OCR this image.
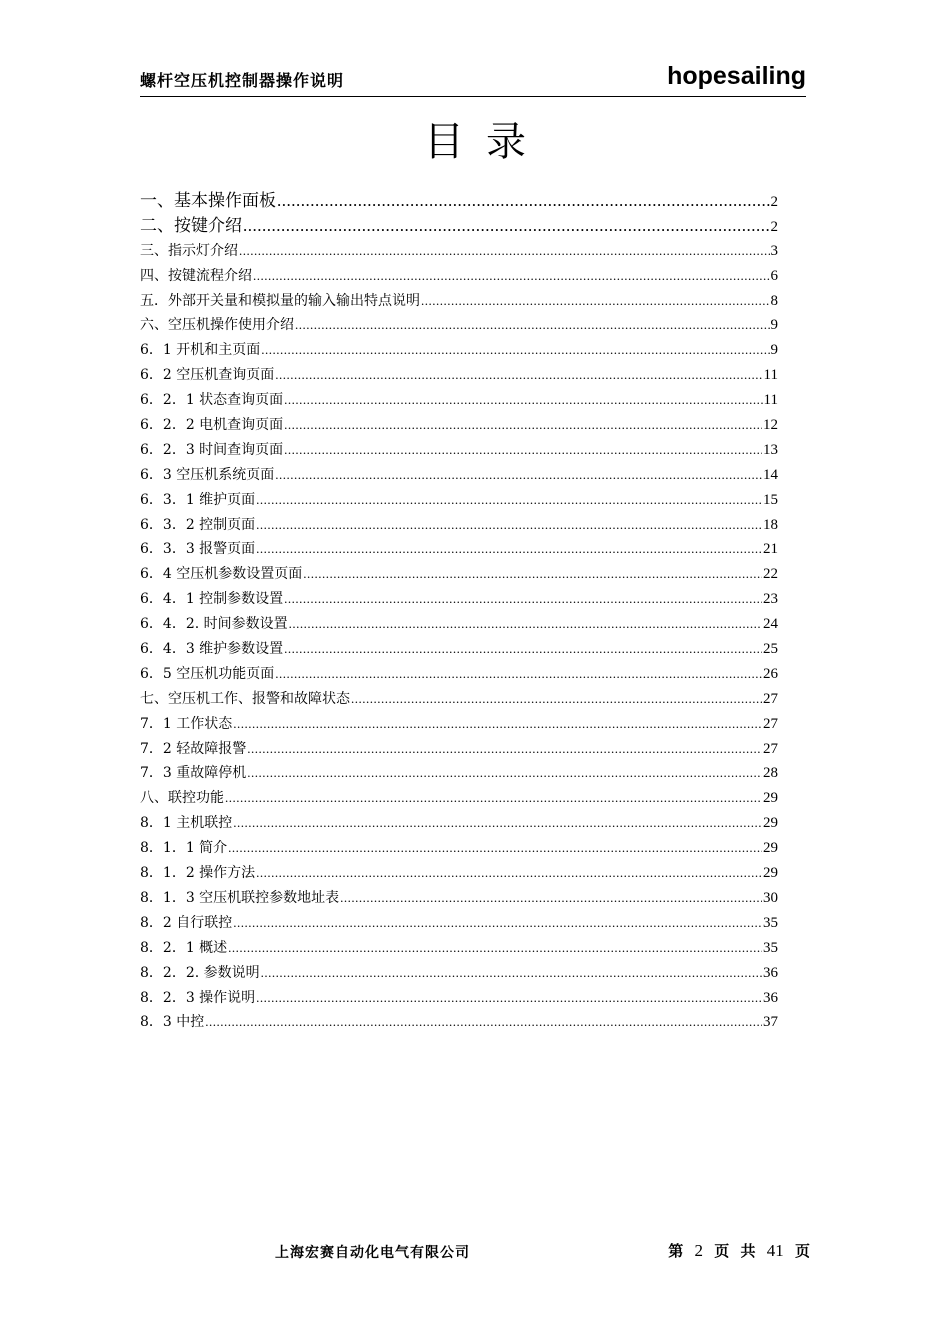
螺杆空压机控制器操作说明	hopesailing
目录
一、基本操作面板 .....	2
二、按键介绍 .....	2
三、指示灯介绍 .....	3
四、按键流程介绍 .....	6
五．外部开关量和模拟量的输入输出特点说明 .....	8
六、空压机操作使用介绍 .....	9
6．1 开机和主页面 .....	9
6．2 空压机查询页面 .....	11
6．2．1 状态查询页面 .....	11
6．2．2 电机查询页面 .....	12
6．2．3 时间查询页面 .....	13
6．3 空压机系统页面 .....	14
6．3．1 维护页面 .....	15
6．3．2 控制页面 .....	18
6．3．3 报警页面 .....	21
6．4 空压机参数设置页面 .....	22
6．4．1 控制参数设置 .....	23
6．4．2. 时间参数设置 .....	24
6．4．3 维护参数设置 .....	25
6．5 空压机功能页面 .....	26
七、空压机工作、报警和故障状态 .....	27
7．1 工作状态 .....	27
7．2 轻故障报警 .....	27
7．3 重故障停机 .....	28
八、联控功能 .....	29
8．1 主机联控 .....	29
8．1．1 简介 .....	29
8．1．2 操作方法 .....	29
8．1．3 空压机联控参数地址表 .....	30
8．2 自行联控 .....	35
8．2．1 概述 .....	35
8．2．2. 参数说明 .....	36
8．2．3 操作说明 .....	36
8．3 中控 .....	37
上海宏赛自动化电气有限公司	第 2 页 共 41 页
